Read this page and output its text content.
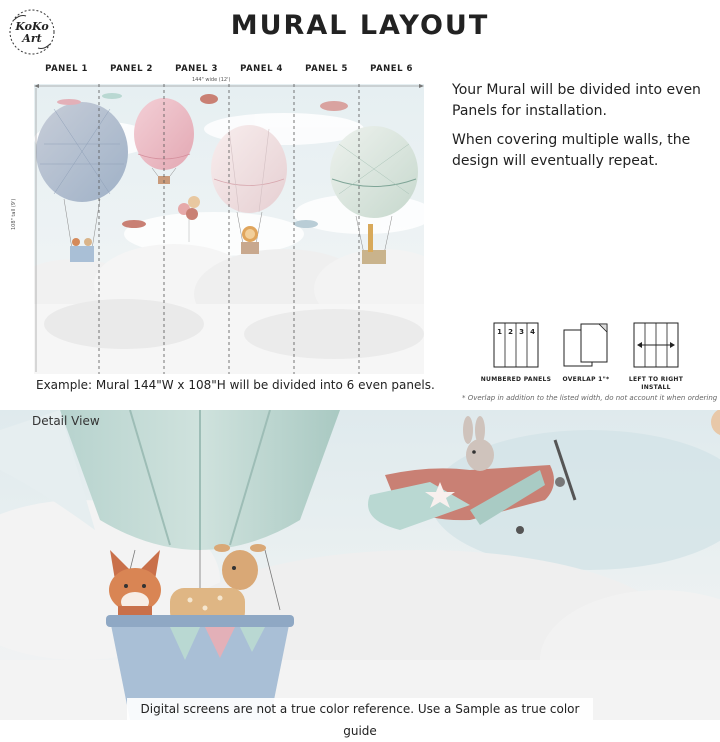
KoKo
Art	MURAL LAYOUT
PANEL 1	PANEL 2	PANEL 3	PANEL 4	PANEL 5	PANEL 6
144" wide (12')
108" tall (9')
Example: Mural 144"W x 108"H will be divided into 6 even panels.

Your Mural will be divided into even Panels for installation.

When covering multiple walls, the design will eventually repeat.

1 2 3 4
NUMBERED PANELS	OVERLAP 1"*	LEFT TO RIGHT INSTALL
* Overlap in addition to the listed width, do not account it when ordering
Detail View
Digital screens are not a true color reference. Use a Sample as true color guide
